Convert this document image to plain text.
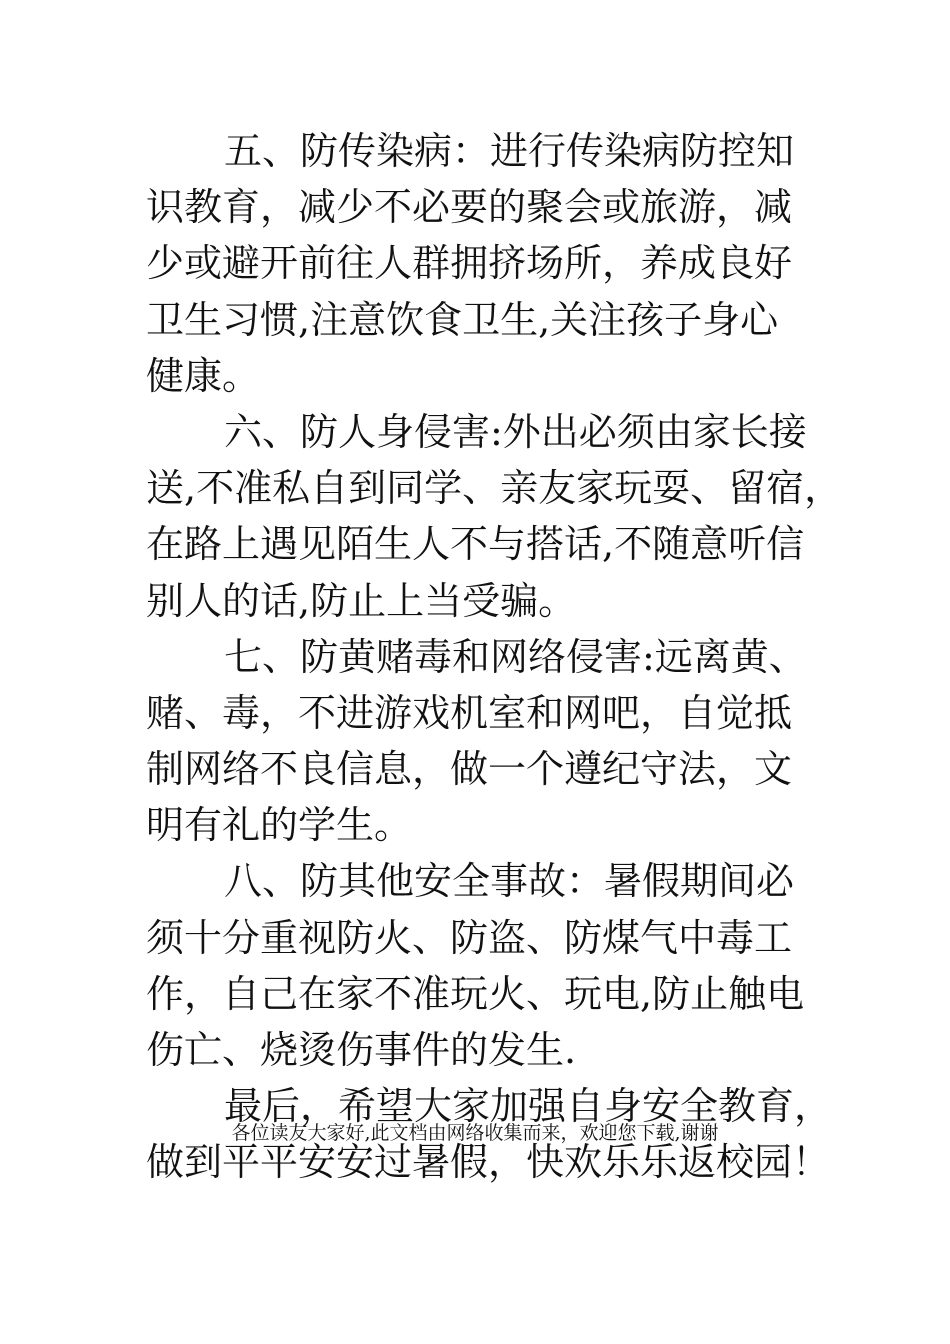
五、防传染病：进行传染病防控知
识教育，减少不必要的聚会或旅游，减
少或避开前往人群拥挤场所，养成良好
卫生习惯,注意饮食卫生,关注孩子身心
健康。
六、防人身侵害:外出必须由家长接
送,不准私自到同学、亲友家玩耍、留宿，
在路上遇见陌生人不与搭话,不随意听信
别人的话,防止上当受骗。
七、防黄赌毒和网络侵害:远离黄、
赌、毒，不进游戏机室和网吧，自觉抵
制网络不良信息，做一个遵纪守法，文
明有礼的学生。
八、防其他安全事故：暑假期间必
须十分重视防火、防盗、防煤气中毒工
作，自己在家不准玩火、玩电,防止触电
伤亡、烧烫伤事件的发生.
最后，希望大家加强自身安全教育，
做到平平安安过暑假，快欢乐乐返校园！
各位读友大家好,此文档由网络收集而来，欢迎您下载,谢谢
